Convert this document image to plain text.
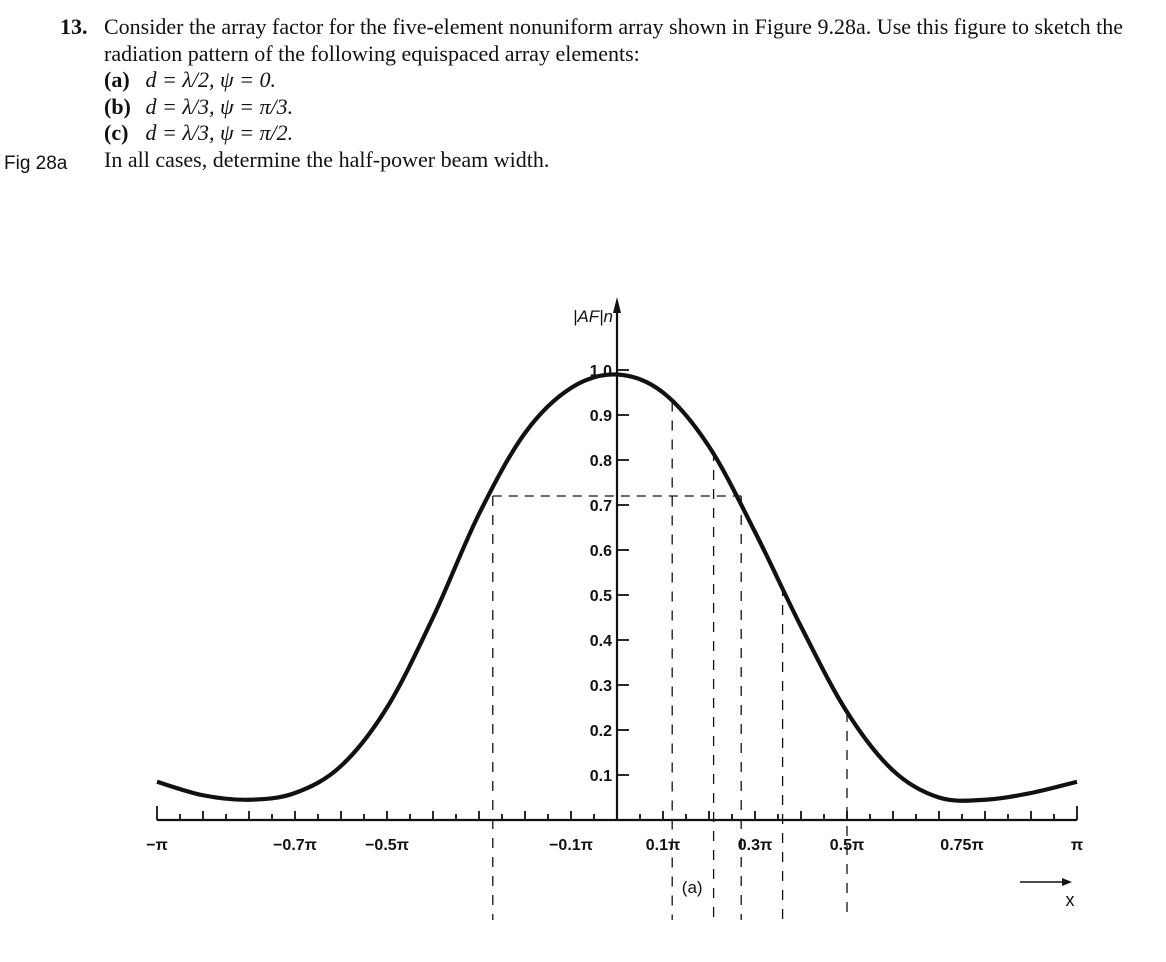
13. Consider the array factor for the five-element nonuniform array shown in Figure 9.28a. Use this figure to sketch the radiation pattern of the following equispaced array elements:
(a) d = λ/2, ψ = 0.
(b) d = λ/3, ψ = π/3.
(c) d = λ/3, ψ = π/2.
In all cases, determine the half-power beam width.
Fig 28a
0.1
0.2
0.3
0.4
0.5
0.6
0.7
0.8
0.9
1.0
|AF|n
−π	−0.7π	−0.5π	−0.1π	0.1π	0.3π	0.5π	0.75π	π
(a)
x
